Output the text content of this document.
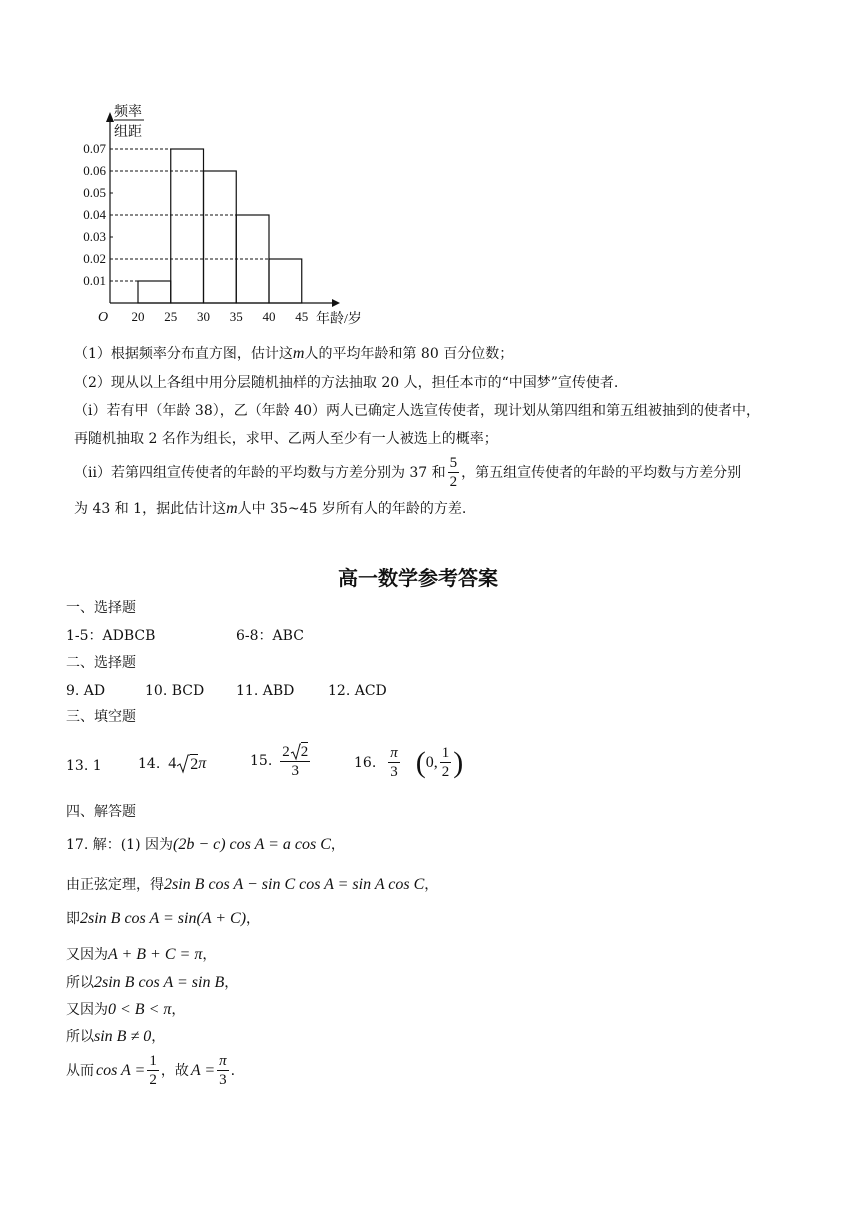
0.07
0.06
0.05
0.04
0.03
0.02
0.01
20 25 30 35 40 45
O	年龄/岁
频率
组距
（1）根据频率分布直方图，估计这m人的平均年龄和第 80 百分位数；
（2）现从以上各组中用分层随机抽样的方法抽取 20 人，担任本市的“中国梦”宣传使者.
（i）若有甲（年龄 38），乙（年龄 40）两人已确定人选宣传使者，现计划从第四组和第五组被抽到的使者中，
再随机抽取 2 名作为组长，求甲、乙两人至少有一人被选上的概率；
（ii）若第四组宣传使者的年龄的平均数与方差分别为 37 和 $\frac{5}{2}$ ，第五组宣传使者的年龄的平均数与方差分别
为 43 和 1，据此估计这m人中 35~45 岁所有人的年龄的方差.
高一数学参考答案
一、选择题
1-5：ADBCB	6-8：ABC
二、选择题
9. AD	10. BCD 11. ABD 12. ACD
三、填空题
13. 1	14. 4 2 π	15. $\frac{2 2}{3}$	16. $\frac{\pi}{3}$ ( 0, $\frac{1}{2}$ )
四、解答题
17. 解：(1) 因为(2b − c) cos A = a cos C，
由正弦定理，得2sin B cos A − sin C cos A = sin A cos C，
即2sin B cos A = sin(A + C)，
又因为A + B + C = π，
所以2sin B cos A = sin B，
又因为0 < B < π，
所以sin B ≠ 0，
从而 $\cos A = \frac{1}{2}$ ，故 $A = \frac{\pi}{3}$ .
